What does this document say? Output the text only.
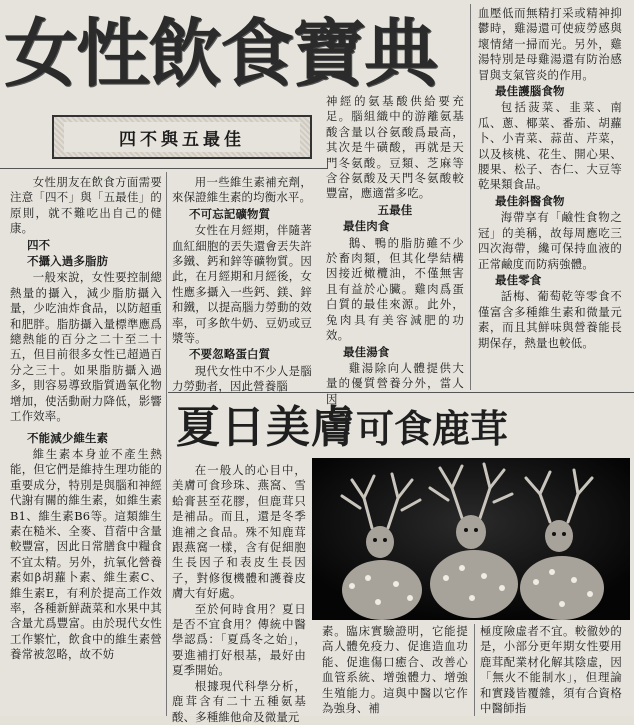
女性飲食寶典
四不與五最佳

女性朋友在飲食方面需要注意「四不」與「五最佳」的原則，就不難吃出自己的健康。

四不
不攝入過多脂肪

一般來說，女性要控制總熱量的攝入，減少脂肪攝入量，少吃油炸食品，以防超重和肥胖。脂肪攝入量標準應爲總熱能的百分之二十至二十五，但目前很多女性已超過百分之三十。如果脂肪攝入過多，則容易導致脂質過氧化物增加，使活動耐力降低，影響工作效率。

不能減少維生素

維生素本身並不產生熱能，但它們是維持生理功能的重要成分，特別是與腦和神經代謝有關的維生素，如維生素B1、維生素B6等。這類維生素在糙米、全麥、苜蓿中含量較豐富，因此日常膳食中糧食不宜太精。另外，抗氧化營養素如β胡蘿卜素、維生素C、維生素E，有利於提高工作效率，各種新鮮蔬菜和水果中其含量尤爲豐富。由於現代女性工作繁忙，飲食中的維生素營養常被忽略，故不妨

用一些維生素補充劑，來保證維生素的均衡水平。

不可忘記礦物質

女性在月經期，伴隨著血紅細胞的丟失還會丟失許多鐵、鈣和鋅等礦物質。因此，在月經期和月經後，女性應多攝入一些鈣、鎂、鋅和鐵，以提高腦力勞動的效率，可多飲牛奶、豆奶或豆漿等。

不要忽略蛋白質

現代女性中不少人是腦力勞動者，因此營養腦

神經的氨基酸供給要充足。腦組織中的游離氨基酸含量以谷氨酸爲最高，其次是牛磺酸，再就是天門冬氨酸。豆類、芝麻等含谷氨酸及天門冬氨酸較豐富，應適當多吃。

五最佳
最佳肉食

鵝、鴨的脂肪雖不少於畜肉類，但其化學結構因接近橄欖油，不僅無害且有益於心臟。雞肉爲蛋白質的最佳來源。此外，兔肉具有美容減肥的功效。

最佳湯食

雞湯除向人體提供大量的優質營養分外，當人因

血壓低而無精打采或精神抑鬱時，雞湯還可使疲勞感與壞情緒一掃而光。另外，雞湯特別是母雞湯還有防治感冒與支氣管炎的作用。

最佳護腦食物

包括菠菜、韭菜、南瓜、蔥、椰菜、番茄、胡蘿卜、小青菜、蒜苗、芹菜，以及核桃、花生、開心果、腰果、松子、杏仁、大豆等乾果類食品。

最佳斜醫食物

海帶享有「鹼性食物之冠」的美稱，故每周應吃三四次海帶，纔可保持血液的正常鹼度而防病強體。

最佳零食

話梅、葡萄乾等零食不僅富含多種維生素和微量元素，而且其鮮味與營養能長期保存，熱量也較低。

夏日美膚可食鹿茸

在一般人的心目中，美膚可食珍珠、燕窩、雪蛤膏甚至花膠，但鹿茸只是補品。而且，還是冬季進補之食品。殊不知鹿茸跟燕窩一樣，含有促細胞生長因子和表皮生長因子，對修復機體和護養皮膚大有好處。

至於何時食用？夏日是否不宜食用？傳統中醫學認爲：「夏爲冬之始」，要進補打好根基，最好由夏季開始。

根據現代科學分析，鹿茸含有二十五種氨基酸、多種維他命及微量元

素。臨床實驗證明，它能提高人體免疫力、促進造血功能、促進傷口癒合、改善心血管系統、增強體力、增強生殖能力。這與中醫以它作為強身、補

極度險虛者不宜。較徹妙的是，小部分更年期女性要用鹿茸配業材化解其陰虛，因「無火不能制水」，但理論和實踐皆覆雜，須有合資格中醫師指
